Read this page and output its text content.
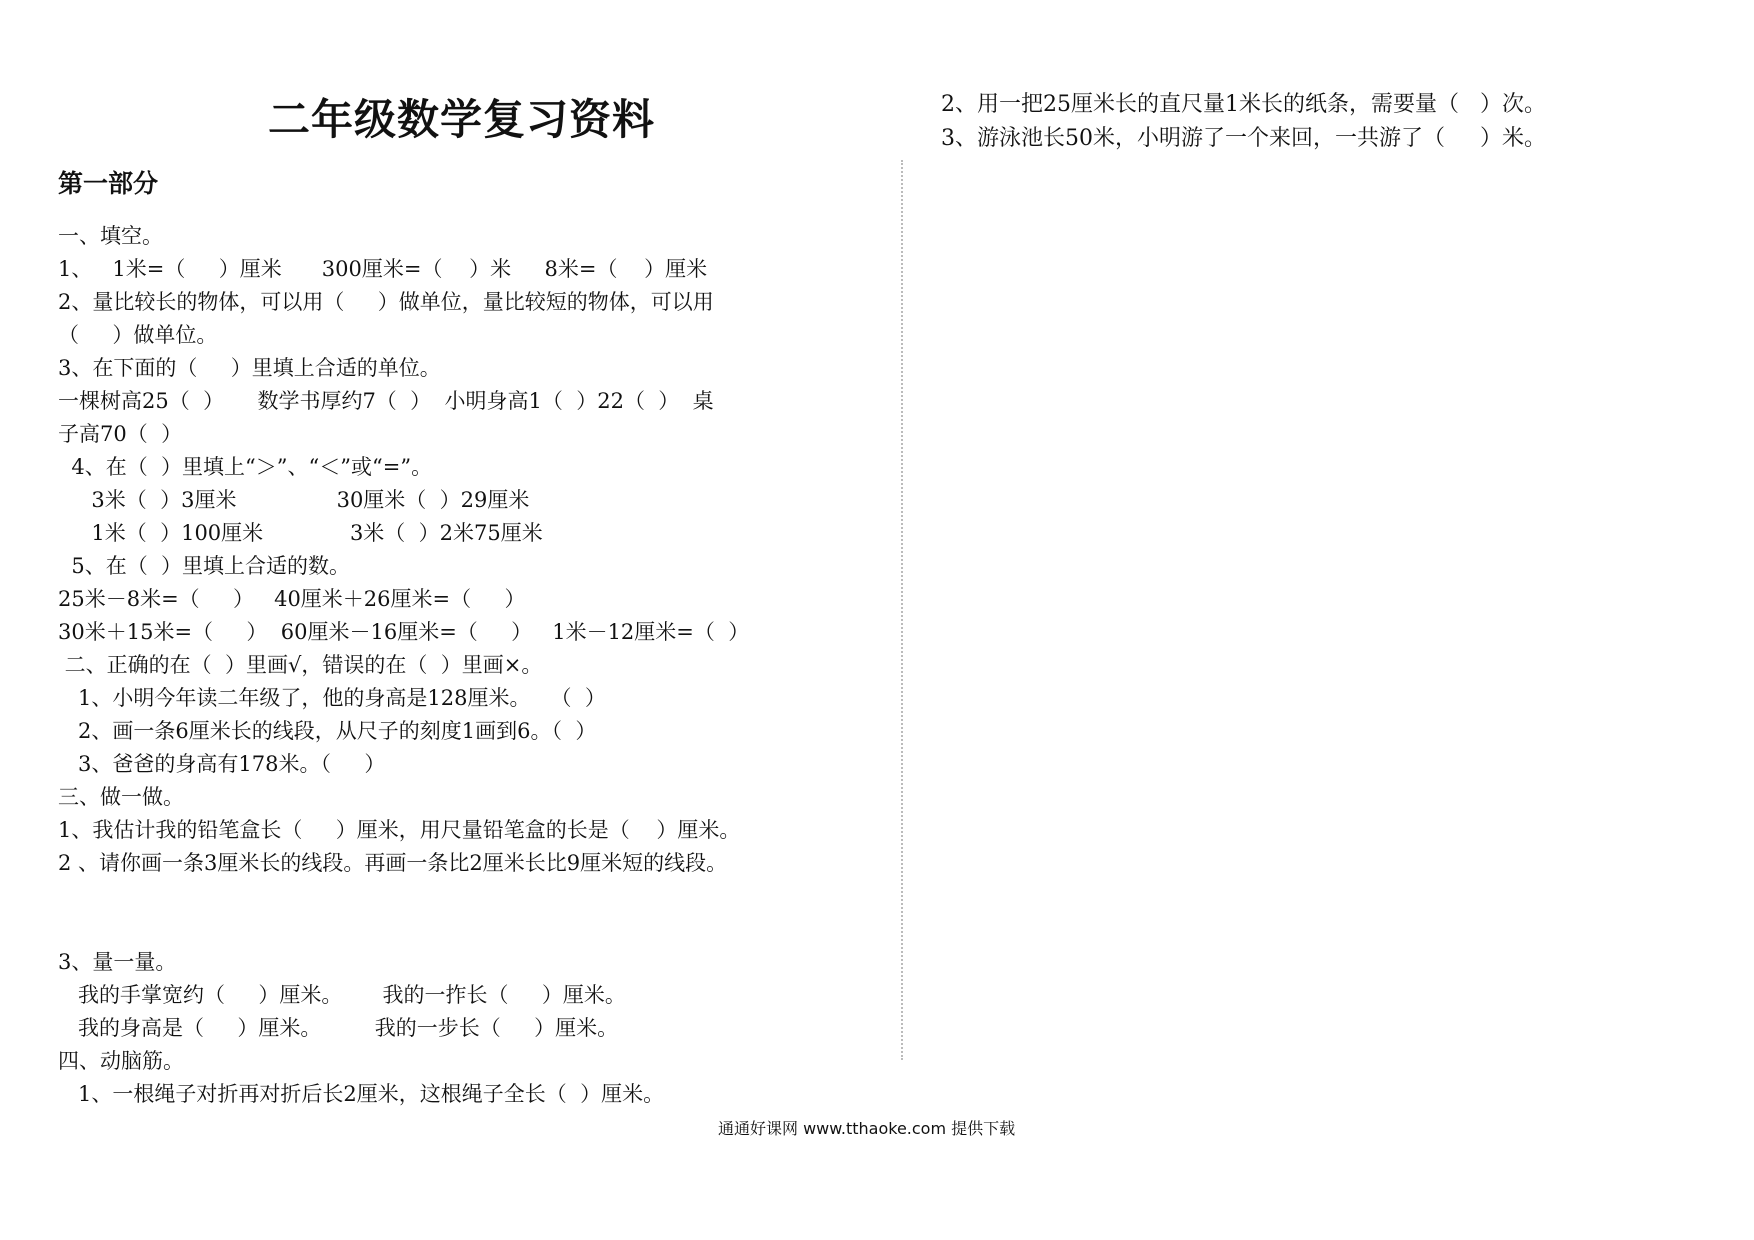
二年级数学复习资料
第一部分

一、填空。

1、   1米=（     ）厘米      300厘米=（    ）米     8米=（    ）厘米

2、量比较长的物体，可以用（     ）做单位，量比较短的物体，可以用

（     ）做单位。

3、在下面的（     ）里填上合适的单位。

一棵树高25（  ）     数学书厚约7（  ）  小明身高1（  ）22（  ）  桌

子高70（  ）

4、在（  ）里填上“＞”、“＜”或“=”。

3米（  ）3厘米               30厘米（  ）29厘米

1米（  ）100厘米             3米（  ）2米75厘米

5、在（  ）里填上合适的数。

25米－8米=（     ）   40厘米＋26厘米=（     ）

30米＋15米=（     ）  60厘米－16厘米=（     ）   1米－12厘米=（  ）

二、正确的在（  ）里画√，错误的在（  ）里画×。

1、小明今年读二年级了，他的身高是128厘米。   （  ）

2、画一条6厘米长的线段，从尺子的刻度1画到6。（  ）

3、爸爸的身高有178米。（     ）

三、做一做。

1、我估计我的铅笔盒长（     ）厘米，用尺量铅笔盒的长是（    ）厘米。

2 、请你画一条3厘米长的线段。再画一条比2厘米长比9厘米短的线段。

3、量一量。

我的手掌宽约（     ）厘米。      我的一拃长（     ）厘米。

我的身高是（     ）厘米。        我的一步长（     ）厘米。

四、动脑筋。

1、一根绳子对折再对折后长2厘米，这根绳子全长（  ）厘米。

2、用一把25厘米长的直尺量1米长的纸条，需要量（   ）次。

3、游泳池长50米，小明游了一个来回，一共游了（     ）米。

通通好课网 www.tthaoke.com 提供下载
